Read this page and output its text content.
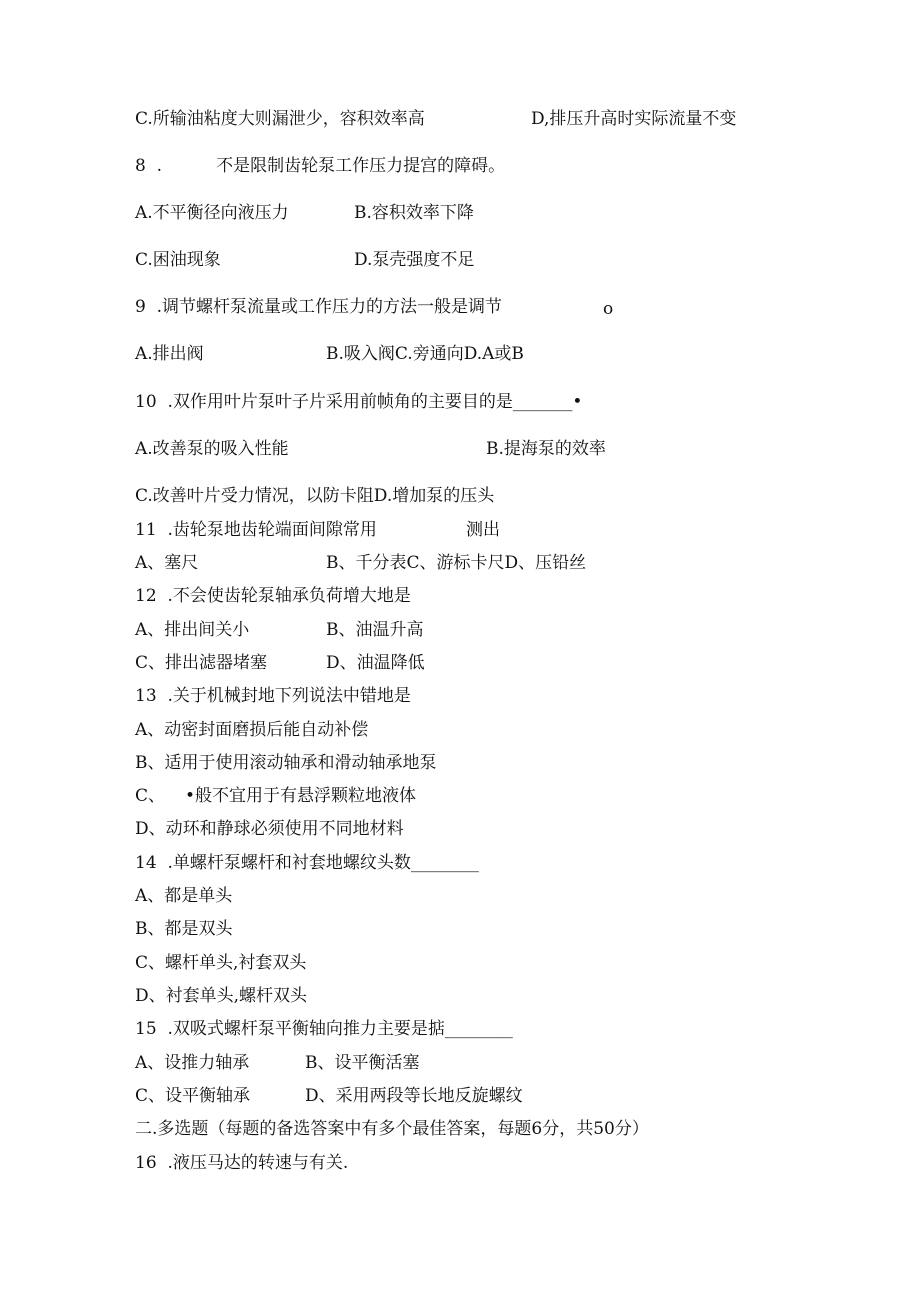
C.所输油粘度大则漏泄少，容积效率高	D,排压升高时实际流量不变
8  .          不是限制齿轮泵工作压力提宫的障碍。
A.不平衡径向液压力	B.容积效率下降
C.困油现象	D.泵壳强度不足
9  .调节螺杆泵流量或工作压力的方法一般是调节	o
A.排出阀	B.吸入阀C.旁通向D.A或B
10  .双作用叶片泵叶子片采用前帧角的主要目的是_______•
A.改善泵的吸入性能	B.提海泵的效率
C.改善叶片受力情况，以防卡阻D.增加泵的压头
11  .齿轮泵地齿轮端面间隙常用	测出
A、塞尺	B、千分表C、游标卡尺D、压铅丝
12  .不会使齿轮泵轴承负荷增大地是
A、排出间关小	B、油温升高
C、排出滤器堵塞	D、油温降低
13  .关于机械封地下列说法中错地是
A、动密封面磨损后能自动补偿
B、适用于使用滚动轴承和滑动轴承地泵
C、 •般不宜用于有悬浮颗粒地液体
D、动环和静球必须使用不同地材料
14  .单螺杆泵螺杆和衬套地螺纹头数________
A、都是单头
B、都是双头
C、螺杆单头,衬套双头
D、衬套单头,螺杆双头
15  .双吸式螺杆泵平衡轴向推力主要是掂________
A、设推力轴承	B、设平衡活塞
C、设平衡轴承	D、采用两段等长地反旋螺纹
二.多选题（每题的备选答案中有多个最佳答案，每题6分，共50分）
16  .液压马达的转速与有关.
